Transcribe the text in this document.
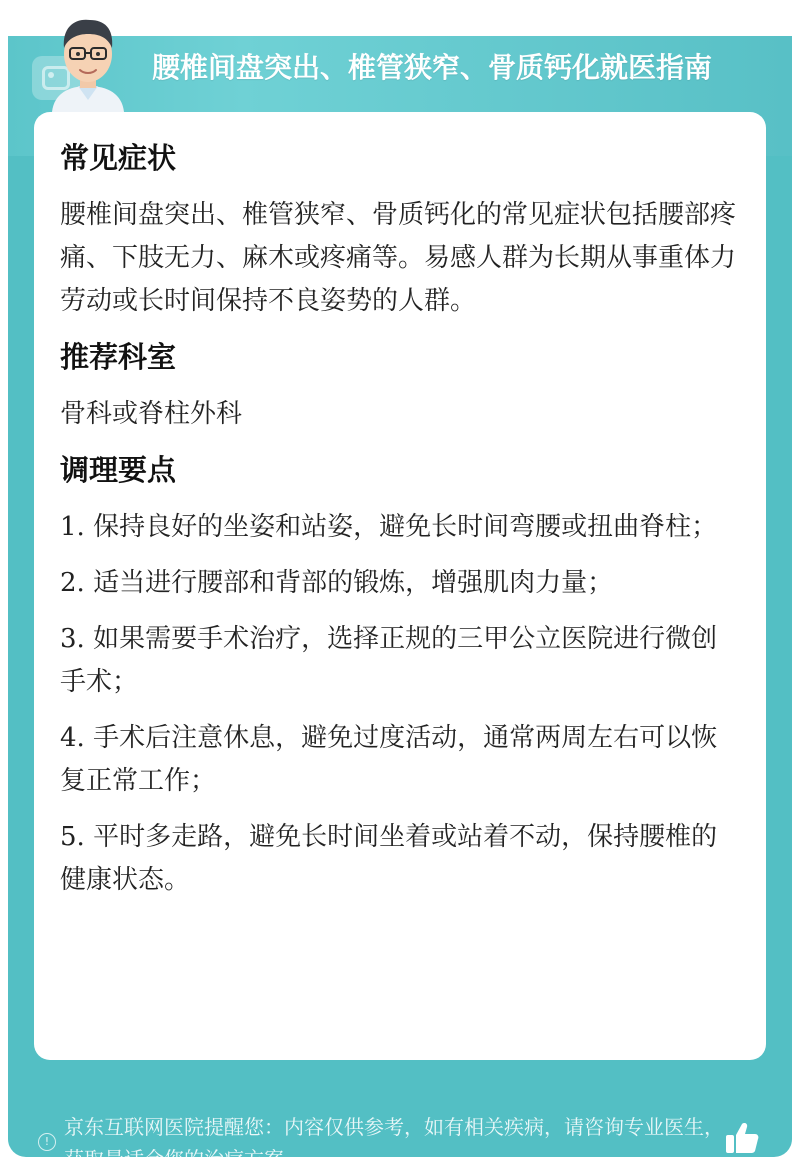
腰椎间盘突出、椎管狭窄、骨质钙化就医指南
!
京东互联网医院提醒您：内容仅供参考，如有相关疾病，请咨询专业医生，获取最适合您的治疗方案
常见症状
腰椎间盘突出、椎管狭窄、骨质钙化的常见症状包括腰部疼痛、下肢无力、麻木或疼痛等。易感人群为长期从事重体力劳动或长时间保持不良姿势的人群。
推荐科室
骨科或脊柱外科
调理要点
1. 保持良好的坐姿和站姿，避免长时间弯腰或扭曲脊柱；
2. 适当进行腰部和背部的锻炼，增强肌肉力量；
3. 如果需要手术治疗，选择正规的三甲公立医院进行微创手术；
4. 手术后注意休息，避免过度活动，通常两周左右可以恢复正常工作；
5. 平时多走路，避免长时间坐着或站着不动，保持腰椎的健康状态。
